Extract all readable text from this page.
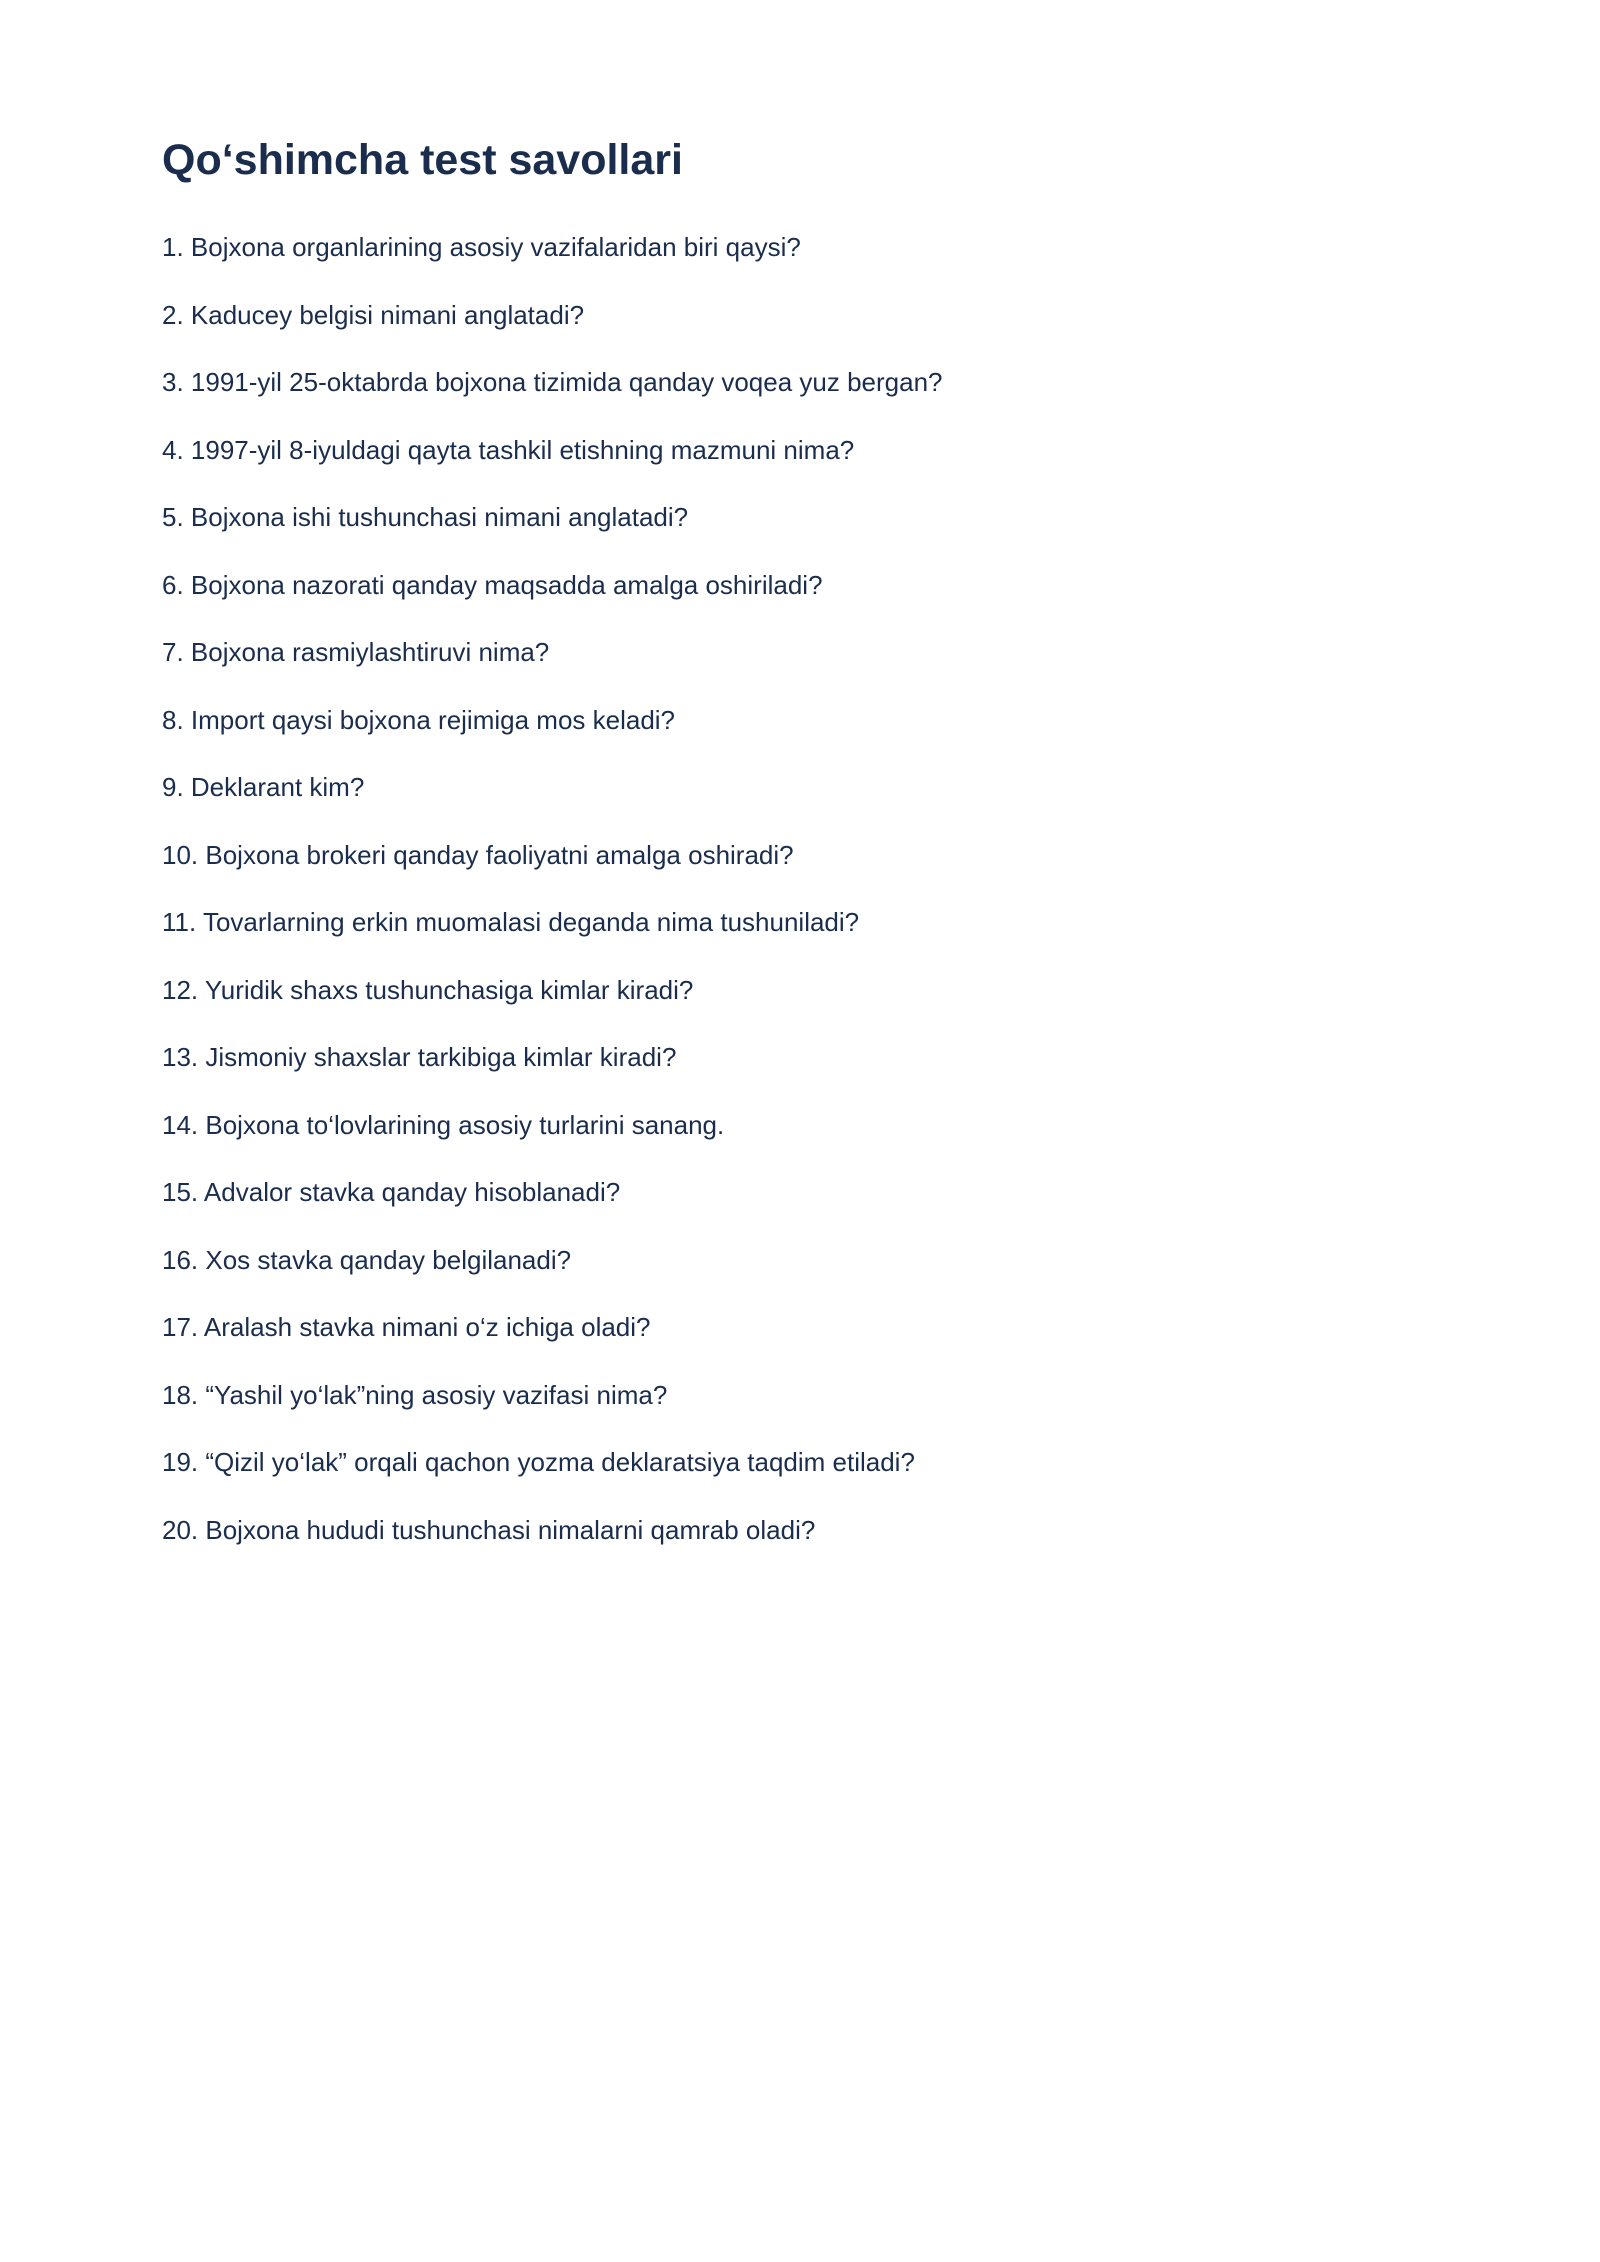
Qo‘shimcha test savollari
1. Bojxona organlarining asosiy vazifalaridan biri qaysi?
2. Kaducey belgisi nimani anglatadi?
3. 1991-yil 25-oktabrda bojxona tizimida qanday voqea yuz bergan?
4. 1997-yil 8-iyuldagi qayta tashkil etishning mazmuni nima?
5. Bojxona ishi tushunchasi nimani anglatadi?
6. Bojxona nazorati qanday maqsadda amalga oshiriladi?
7. Bojxona rasmiylashtiruvi nima?
8. Import qaysi bojxona rejimiga mos keladi?
9. Deklarant kim?
10. Bojxona brokeri qanday faoliyatni amalga oshiradi?
11. Tovarlarning erkin muomalasi deganda nima tushuniladi?
12. Yuridik shaxs tushunchasiga kimlar kiradi?
13. Jismoniy shaxslar tarkibiga kimlar kiradi?
14. Bojxona to‘lovlarining asosiy turlarini sanang.
15. Advalor stavka qanday hisoblanadi?
16. Xos stavka qanday belgilanadi?
17. Aralash stavka nimani o‘z ichiga oladi?
18. “Yashil yo‘lak”ning asosiy vazifasi nima?
19. “Qizil yo‘lak” orqali qachon yozma deklaratsiya taqdim etiladi?
20. Bojxona hududi tushunchasi nimalarni qamrab oladi?
